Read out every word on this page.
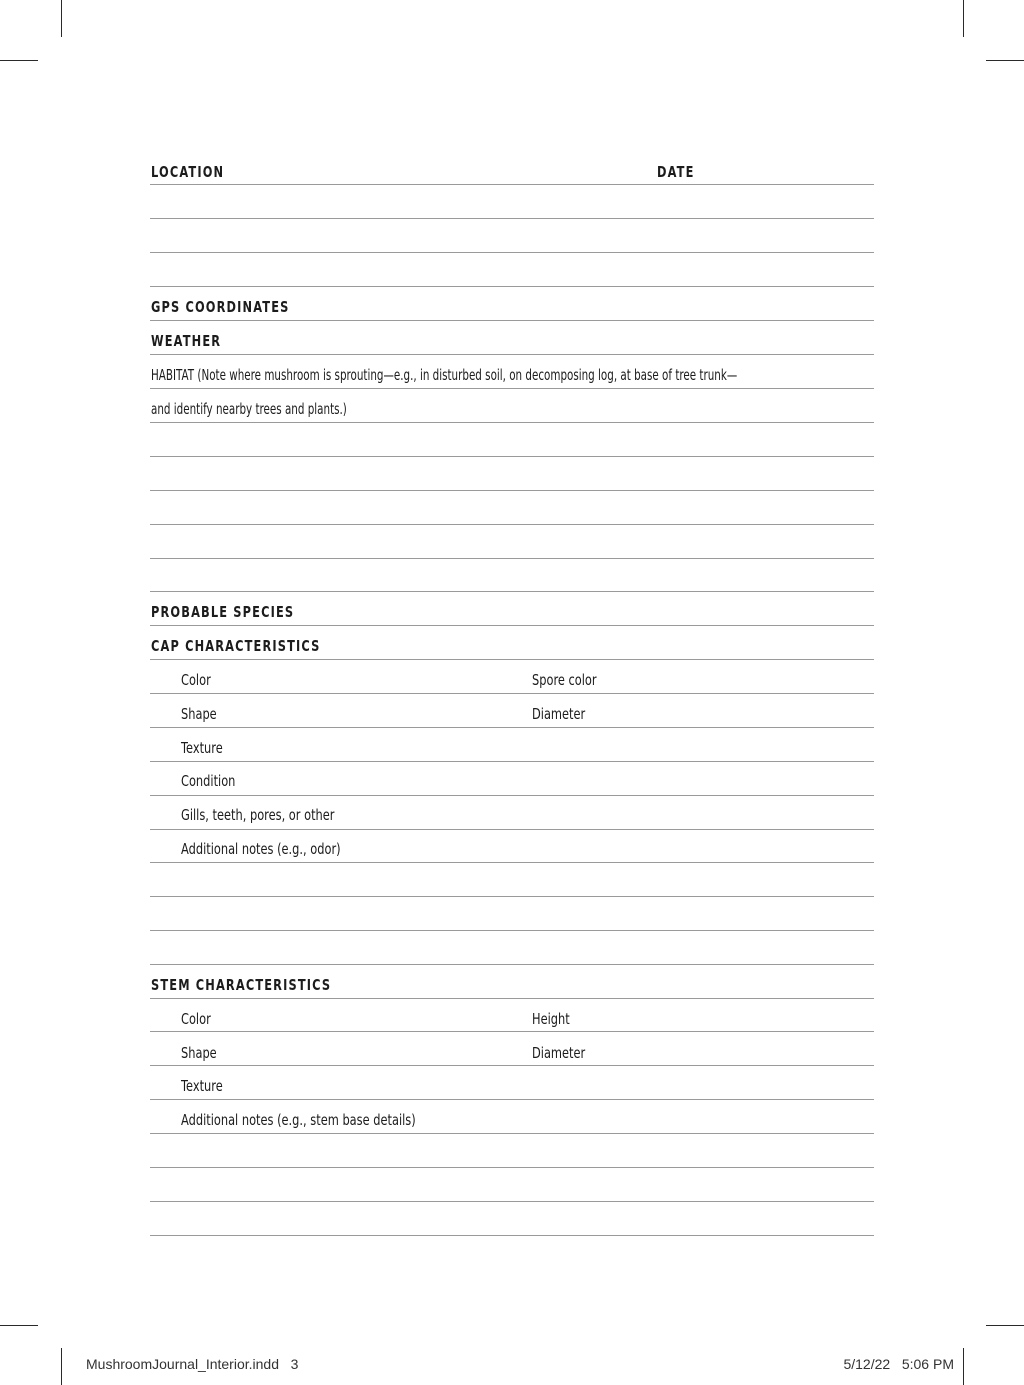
LOCATION	DATE
GPS COORDINATES
WEATHER
HABITAT (Note where mushroom is sprouting—e.g., in disturbed soil, on decomposing log, at base of tree trunk—
and identify nearby trees and plants.)
PROBABLE SPECIES
CAP CHARACTERISTICS
Color	Spore color
Shape	Diameter
Texture
Condition
Gills, teeth, pores, or other
Additional notes (e.g., odor)
STEM CHARACTERISTICS
Color	Height
Shape	Diameter
Texture
Additional notes (e.g., stem base details)
MushroomJournal_Interior.indd   3	5/12/22   5:06 PM
